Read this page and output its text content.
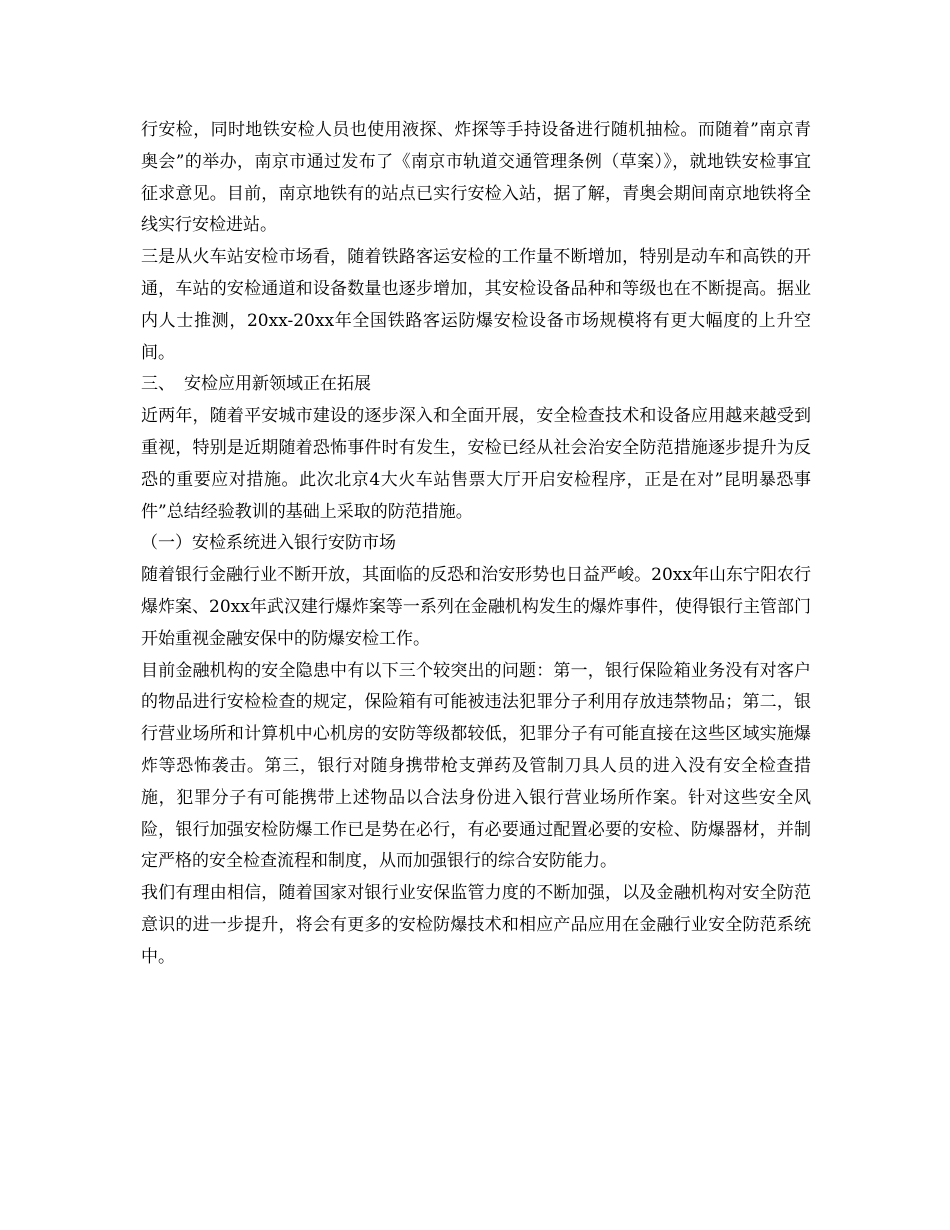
行安检，同时地铁安检人员也使用液探、炸探等手持设备进行随机抽检。而随着”南京青奥会”的举办，南京市通过发布了《南京市轨道交通管理条例（草案）》，就地铁安检事宜征求意见。目前，南京地铁有的站点已实行安检入站，据了解，青奥会期间南京地铁将全线实行安检进站。

三是从火车站安检市场看，随着铁路客运安检的工作量不断增加，特别是动车和高铁的开通，车站的安检通道和设备数量也逐步增加，其安检设备品种和等级也在不断提高。据业内人士推测，20xx-20xx年全国铁路客运防爆安检设备市场规模将有更大幅度的上升空间。

三、 安检应用新领域正在拓展

近两年，随着平安城市建设的逐步深入和全面开展，安全检查技术和设备应用越来越受到重视，特别是近期随着恐怖事件时有发生，安检已经从社会治安全防范措施逐步提升为反恐的重要应对措施。此次北京4大火车站售票大厅开启安检程序，正是在对”昆明暴恐事件”总结经验教训的基础上采取的防范措施。

（一）安检系统进入银行安防市场

随着银行金融行业不断开放，其面临的反恐和治安形势也日益严峻。20xx年山东宁阳农行爆炸案、20xx年武汉建行爆炸案等一系列在金融机构发生的爆炸事件，使得银行主管部门开始重视金融安保中的防爆安检工作。

目前金融机构的安全隐患中有以下三个较突出的问题：第一，银行保险箱业务没有对客户的物品进行安检检查的规定，保险箱有可能被违法犯罪分子利用存放违禁物品；第二，银行营业场所和计算机中心机房的安防等级都较低，犯罪分子有可能直接在这些区域实施爆炸等恐怖袭击。第三，银行对随身携带枪支弹药及管制刀具人员的进入没有安全检查措施，犯罪分子有可能携带上述物品以合法身份进入银行营业场所作案。针对这些安全风险，银行加强安检防爆工作已是势在必行，有必要通过配置必要的安检、防爆器材，并制定严格的安全检查流程和制度，从而加强银行的综合安防能力。

我们有理由相信，随着国家对银行业安保监管力度的不断加强，以及金融机构对安全防范意识的进一步提升，将会有更多的安检防爆技术和相应产品应用在金融行业安全防范系统中。
